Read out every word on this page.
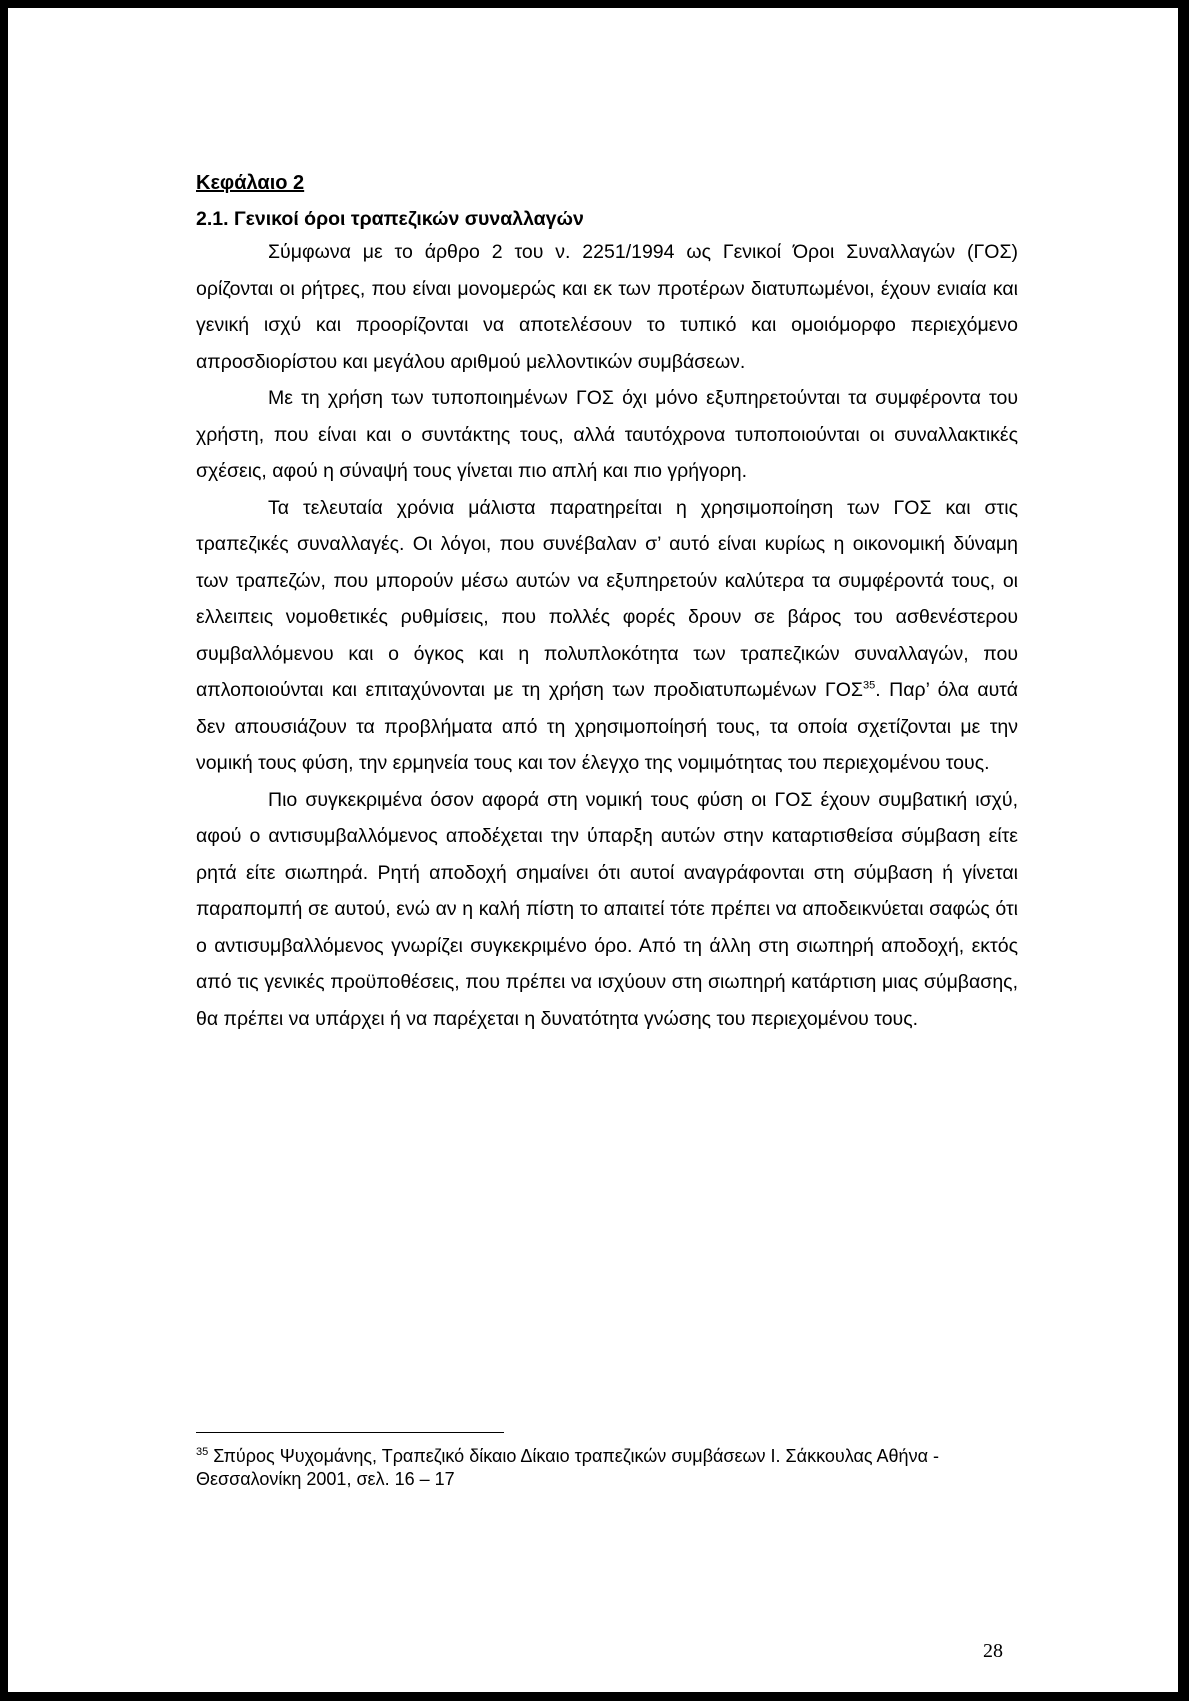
Κεφάλαιο 2
2.1. Γενικοί όροι τραπεζικών συναλλαγών

Σύμφωνα με το άρθρο 2 του ν. 2251/1994 ως Γενικοί Όροι Συναλλαγών (ΓΟΣ) ορίζονται οι ρήτρες, που είναι μονομερώς και εκ των προτέρων διατυπωμένοι, έχουν ενιαία και γενική ισχύ και προορίζονται να αποτελέσουν το τυπικό και ομοιόμορφο περιεχόμενο απροσδιορίστου και μεγάλου αριθμού μελλοντικών συμβάσεων.

Με τη χρήση των τυποποιημένων ΓΟΣ όχι μόνο εξυπηρετούνται τα συμφέροντα του χρήστη, που είναι και ο συντάκτης τους, αλλά ταυτόχρονα τυποποιούνται οι συναλλακτικές σχέσεις, αφού η σύναψή τους γίνεται πιο απλή και πιο γρήγορη.

Τα τελευταία χρόνια μάλιστα παρατηρείται η χρησιμοποίηση των ΓΟΣ και στις τραπεζικές συναλλαγές. Οι λόγοι, που συνέβαλαν σ’ αυτό είναι κυρίως η οικονομική δύναμη των τραπεζών, που μπορούν μέσω αυτών να εξυπηρετούν καλύτερα τα συμφέροντά τους, οι ελλειπεις νομοθετικές ρυθμίσεις, που πολλές φορές δρουν σε βάρος του ασθενέστερου συμβαλλόμενου και ο όγκος και η πολυπλοκότητα των τραπεζικών συναλλαγών, που απλοποιούνται και επιταχύνονται με τη χρήση των προδιατυπωμένων ΓΟΣ$^{35}$. Παρ’ όλα αυτά δεν απουσιάζουν τα προβλήματα από τη χρησιμοποίησή τους, τα οποία σχετίζονται με την νομική τους φύση, την ερμηνεία τους και τον έλεγχο της νομιμότητας του περιεχομένου τους.

Πιο συγκεκριμένα όσον αφορά στη νομική τους φύση οι ΓΟΣ έχουν συμβατική ισχύ, αφού ο αντισυμβαλλόμενος αποδέχεται την ύπαρξη αυτών στην καταρτισθείσα σύμβαση είτε ρητά είτε σιωπηρά. Ρητή αποδοχή σημαίνει ότι αυτοί αναγράφονται στη σύμβαση ή γίνεται παραπομπή σε αυτού, ενώ αν η καλή πίστη το απαιτεί τότε πρέπει να αποδεικνύεται σαφώς ότι ο αντισυμβαλλόμενος γνωρίζει συγκεκριμένο όρο. Από τη άλλη στη σιωπηρή αποδοχή, εκτός από τις γενικές προϋποθέσεις, που πρέπει να ισχύουν στη σιωπηρή κατάρτιση μιας σύμβασης, θα πρέπει να υπάρχει ή να παρέχεται η δυνατότητα γνώσης του περιεχομένου τους.

$^{35}$ Σπύρος Ψυχομάνης, Τραπεζικό δίκαιο Δίκαιο τραπεζικών συμβάσεων Ι. Σάκκουλας Αθήνα - Θεσσαλονίκη 2001, σελ. 16 – 17
28
